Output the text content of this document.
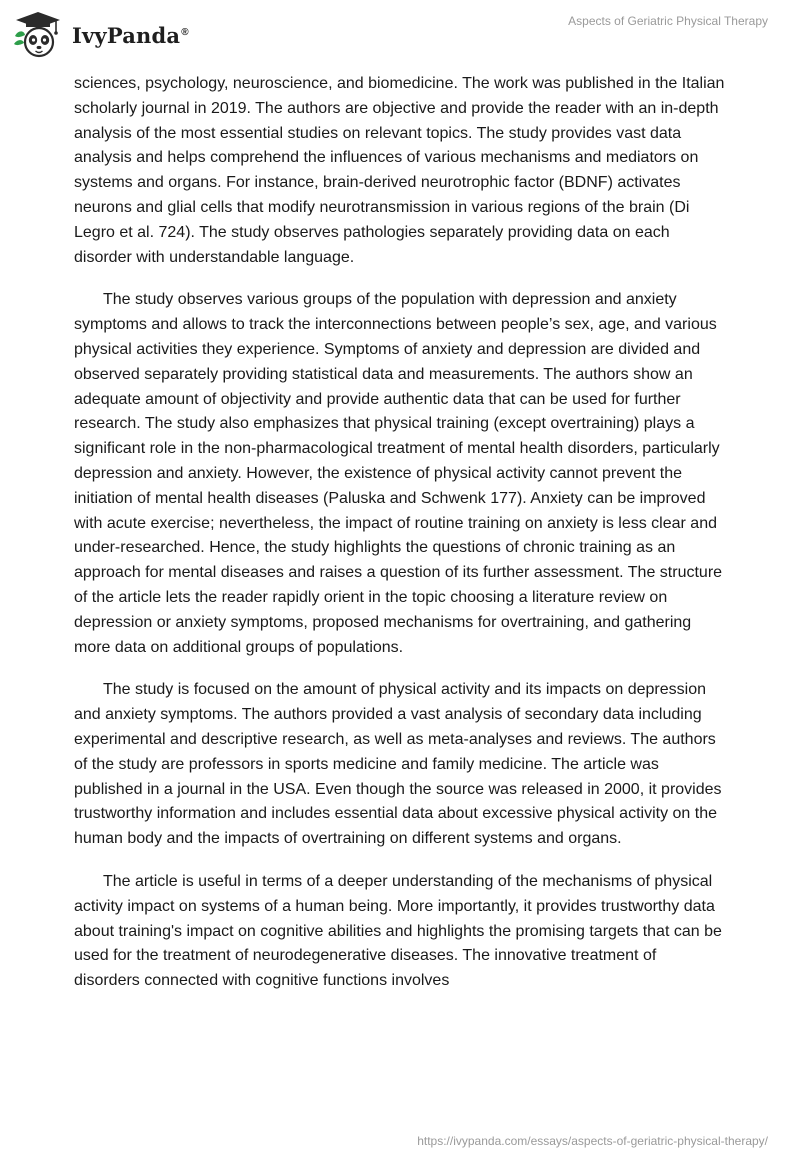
IvyPanda®
Aspects of Geriatric Physical Therapy

sciences, psychology, neuroscience, and biomedicine. The work was published in the Italian scholarly journal in 2019. The authors are objective and provide the reader with an in-depth analysis of the most essential studies on relevant topics. The study provides vast data analysis and helps comprehend the influences of various mechanisms and mediators on systems and organs. For instance, brain-derived neurotrophic factor (BDNF) activates neurons and glial cells that modify neurotransmission in various regions of the brain (Di Legro et al. 724). The study observes pathologies separately providing data on each disorder with understandable language.

The study observes various groups of the population with depression and anxiety symptoms and allows to track the interconnections between people’s sex, age, and various physical activities they experience. Symptoms of anxiety and depression are divided and observed separately providing statistical data and measurements. The authors show an adequate amount of objectivity and provide authentic data that can be used for further research. The study also emphasizes that physical training (except overtraining) plays a significant role in the non-pharmacological treatment of mental health disorders, particularly depression and anxiety. However, the existence of physical activity cannot prevent the initiation of mental health diseases (Paluska and Schwenk 177). Anxiety can be improved with acute exercise; nevertheless, the impact of routine training on anxiety is less clear and under-researched. Hence, the study highlights the questions of chronic training as an approach for mental diseases and raises a question of its further assessment. The structure of the article lets the reader rapidly orient in the topic choosing a literature review on depression or anxiety symptoms, proposed mechanisms for overtraining, and gathering more data on additional groups of populations.

The study is focused on the amount of physical activity and its impacts on depression and anxiety symptoms. The authors provided a vast analysis of secondary data including experimental and descriptive research, as well as meta-analyses and reviews. The authors of the study are professors in sports medicine and family medicine. The article was published in a journal in the USA. Even though the source was released in 2000, it provides trustworthy information and includes essential data about excessive physical activity on the human body and the impacts of overtraining on different systems and organs.

The article is useful in terms of a deeper understanding of the mechanisms of physical activity impact on systems of a human being. More importantly, it provides trustworthy data about training's impact on cognitive abilities and highlights the promising targets that can be used for the treatment of neurodegenerative diseases. The innovative treatment of disorders connected with cognitive functions involves

https://ivypanda.com/essays/aspects-of-geriatric-physical-therapy/
